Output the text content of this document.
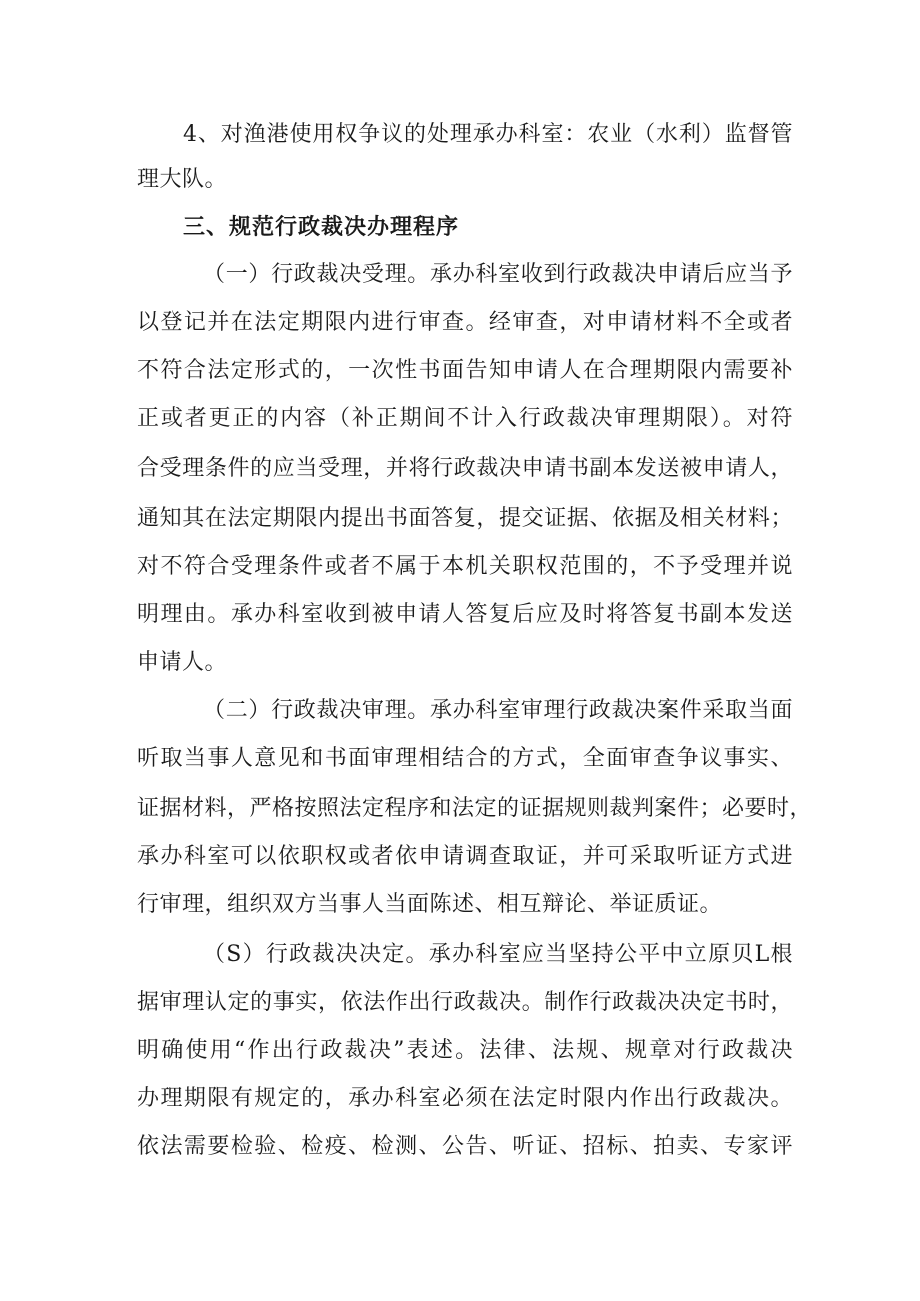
4、对渔港使用权争议的处理承办科室：农业（水利）监督管
理大队。
三、规范行政裁决办理程序
（一）行政裁决受理。承办科室收到行政裁决申请后应当予
以登记并在法定期限内进行审查。经审查，对申请材料不全或者
不符合法定形式的，一次性书面告知申请人在合理期限内需要补
正或者更正的内容（补正期间不计入行政裁决审理期限）。对符
合受理条件的应当受理，并将行政裁决申请书副本发送被申请人，
通知其在法定期限内提出书面答复，提交证据、依据及相关材料；
对不符合受理条件或者不属于本机关职权范围的，不予受理并说
明理由。承办科室收到被申请人答复后应及时将答复书副本发送
申请人。
（二）行政裁决审理。承办科室审理行政裁决案件采取当面
听取当事人意见和书面审理相结合的方式，全面审查争议事实、
证据材料，严格按照法定程序和法定的证据规则裁判案件；必要时，
承办科室可以依职权或者依申请调查取证，并可采取听证方式进
行审理，组织双方当事人当面陈述、相互辩论、举证质证。
（S）行政裁决决定。承办科室应当坚持公平中立原贝L根
据审理认定的事实，依法作出行政裁决。制作行政裁决决定书时，
明确使用“作出行政裁决”表述。法律、法规、规章对行政裁决
办理期限有规定的，承办科室必须在法定时限内作出行政裁决。
依法需要检验、检疫、检测、公告、听证、招标、拍卖、专家评
